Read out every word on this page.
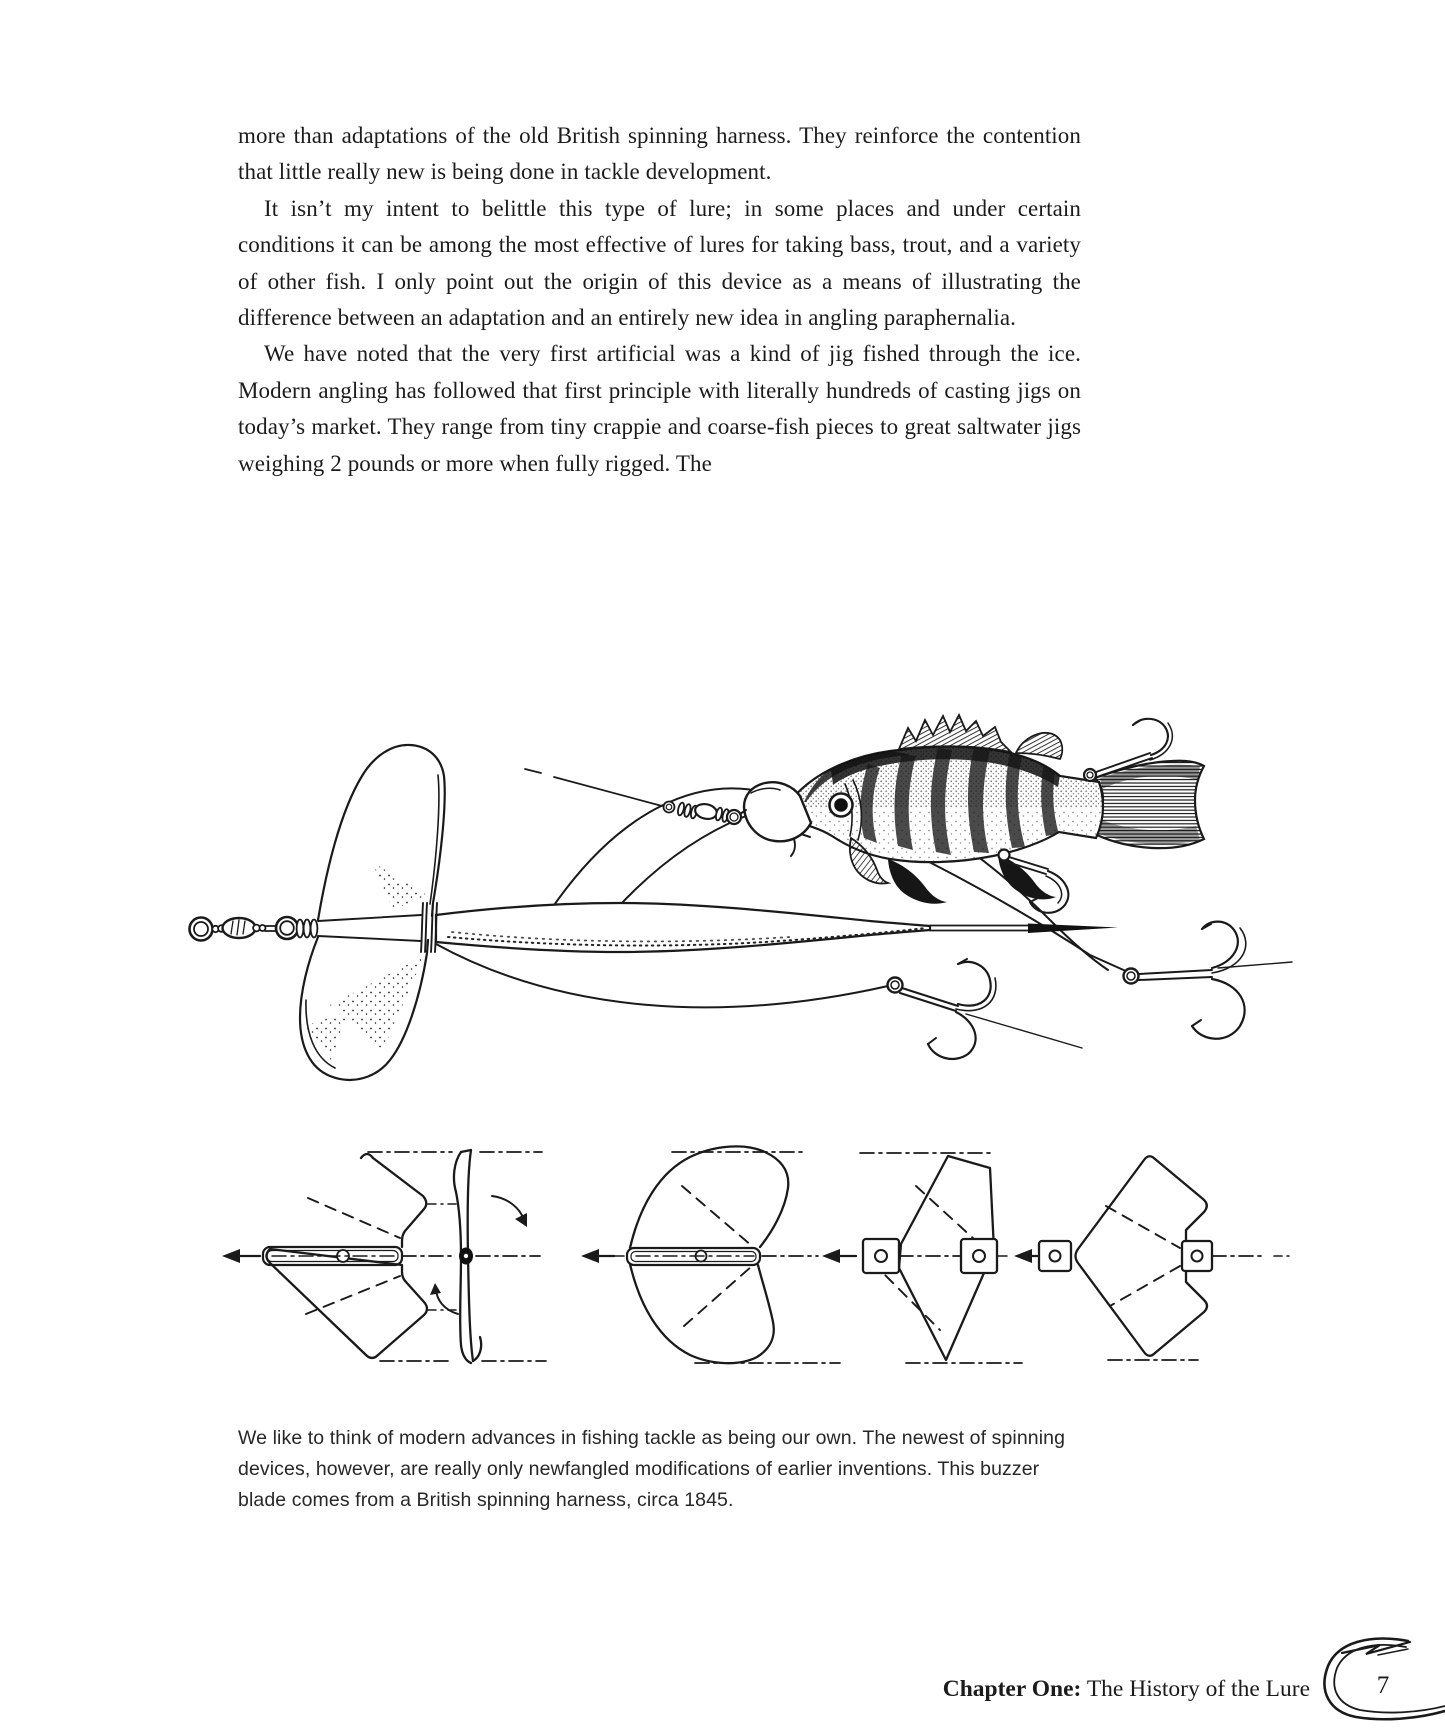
more than adaptations of the old British spinning harness. They reinforce the contention that little really new is being done in tackle development.

It isn’t my intent to belittle this type of lure; in some places and under certain conditions it can be among the most effective of lures for taking bass, trout, and a variety of other fish. I only point out the origin of this device as a means of illustrating the difference between an adaptation and an entirely new idea in angling paraphernalia.

We have noted that the very first artificial was a kind of jig fished through the ice. Modern angling has followed that first principle with literally hundreds of casting jigs on today’s market. They range from tiny crappie and coarse-fish pieces to great saltwater jigs weighing 2 pounds or more when fully rigged. The

We like to think of modern advances in fishing tackle as being our own. The newest of spinning devices, however, are really only newfangled modifications of earlier inventions. This buzzer blade comes from a British spinning harness, circa 1845.
Chapter One: The History of the Lure	7
